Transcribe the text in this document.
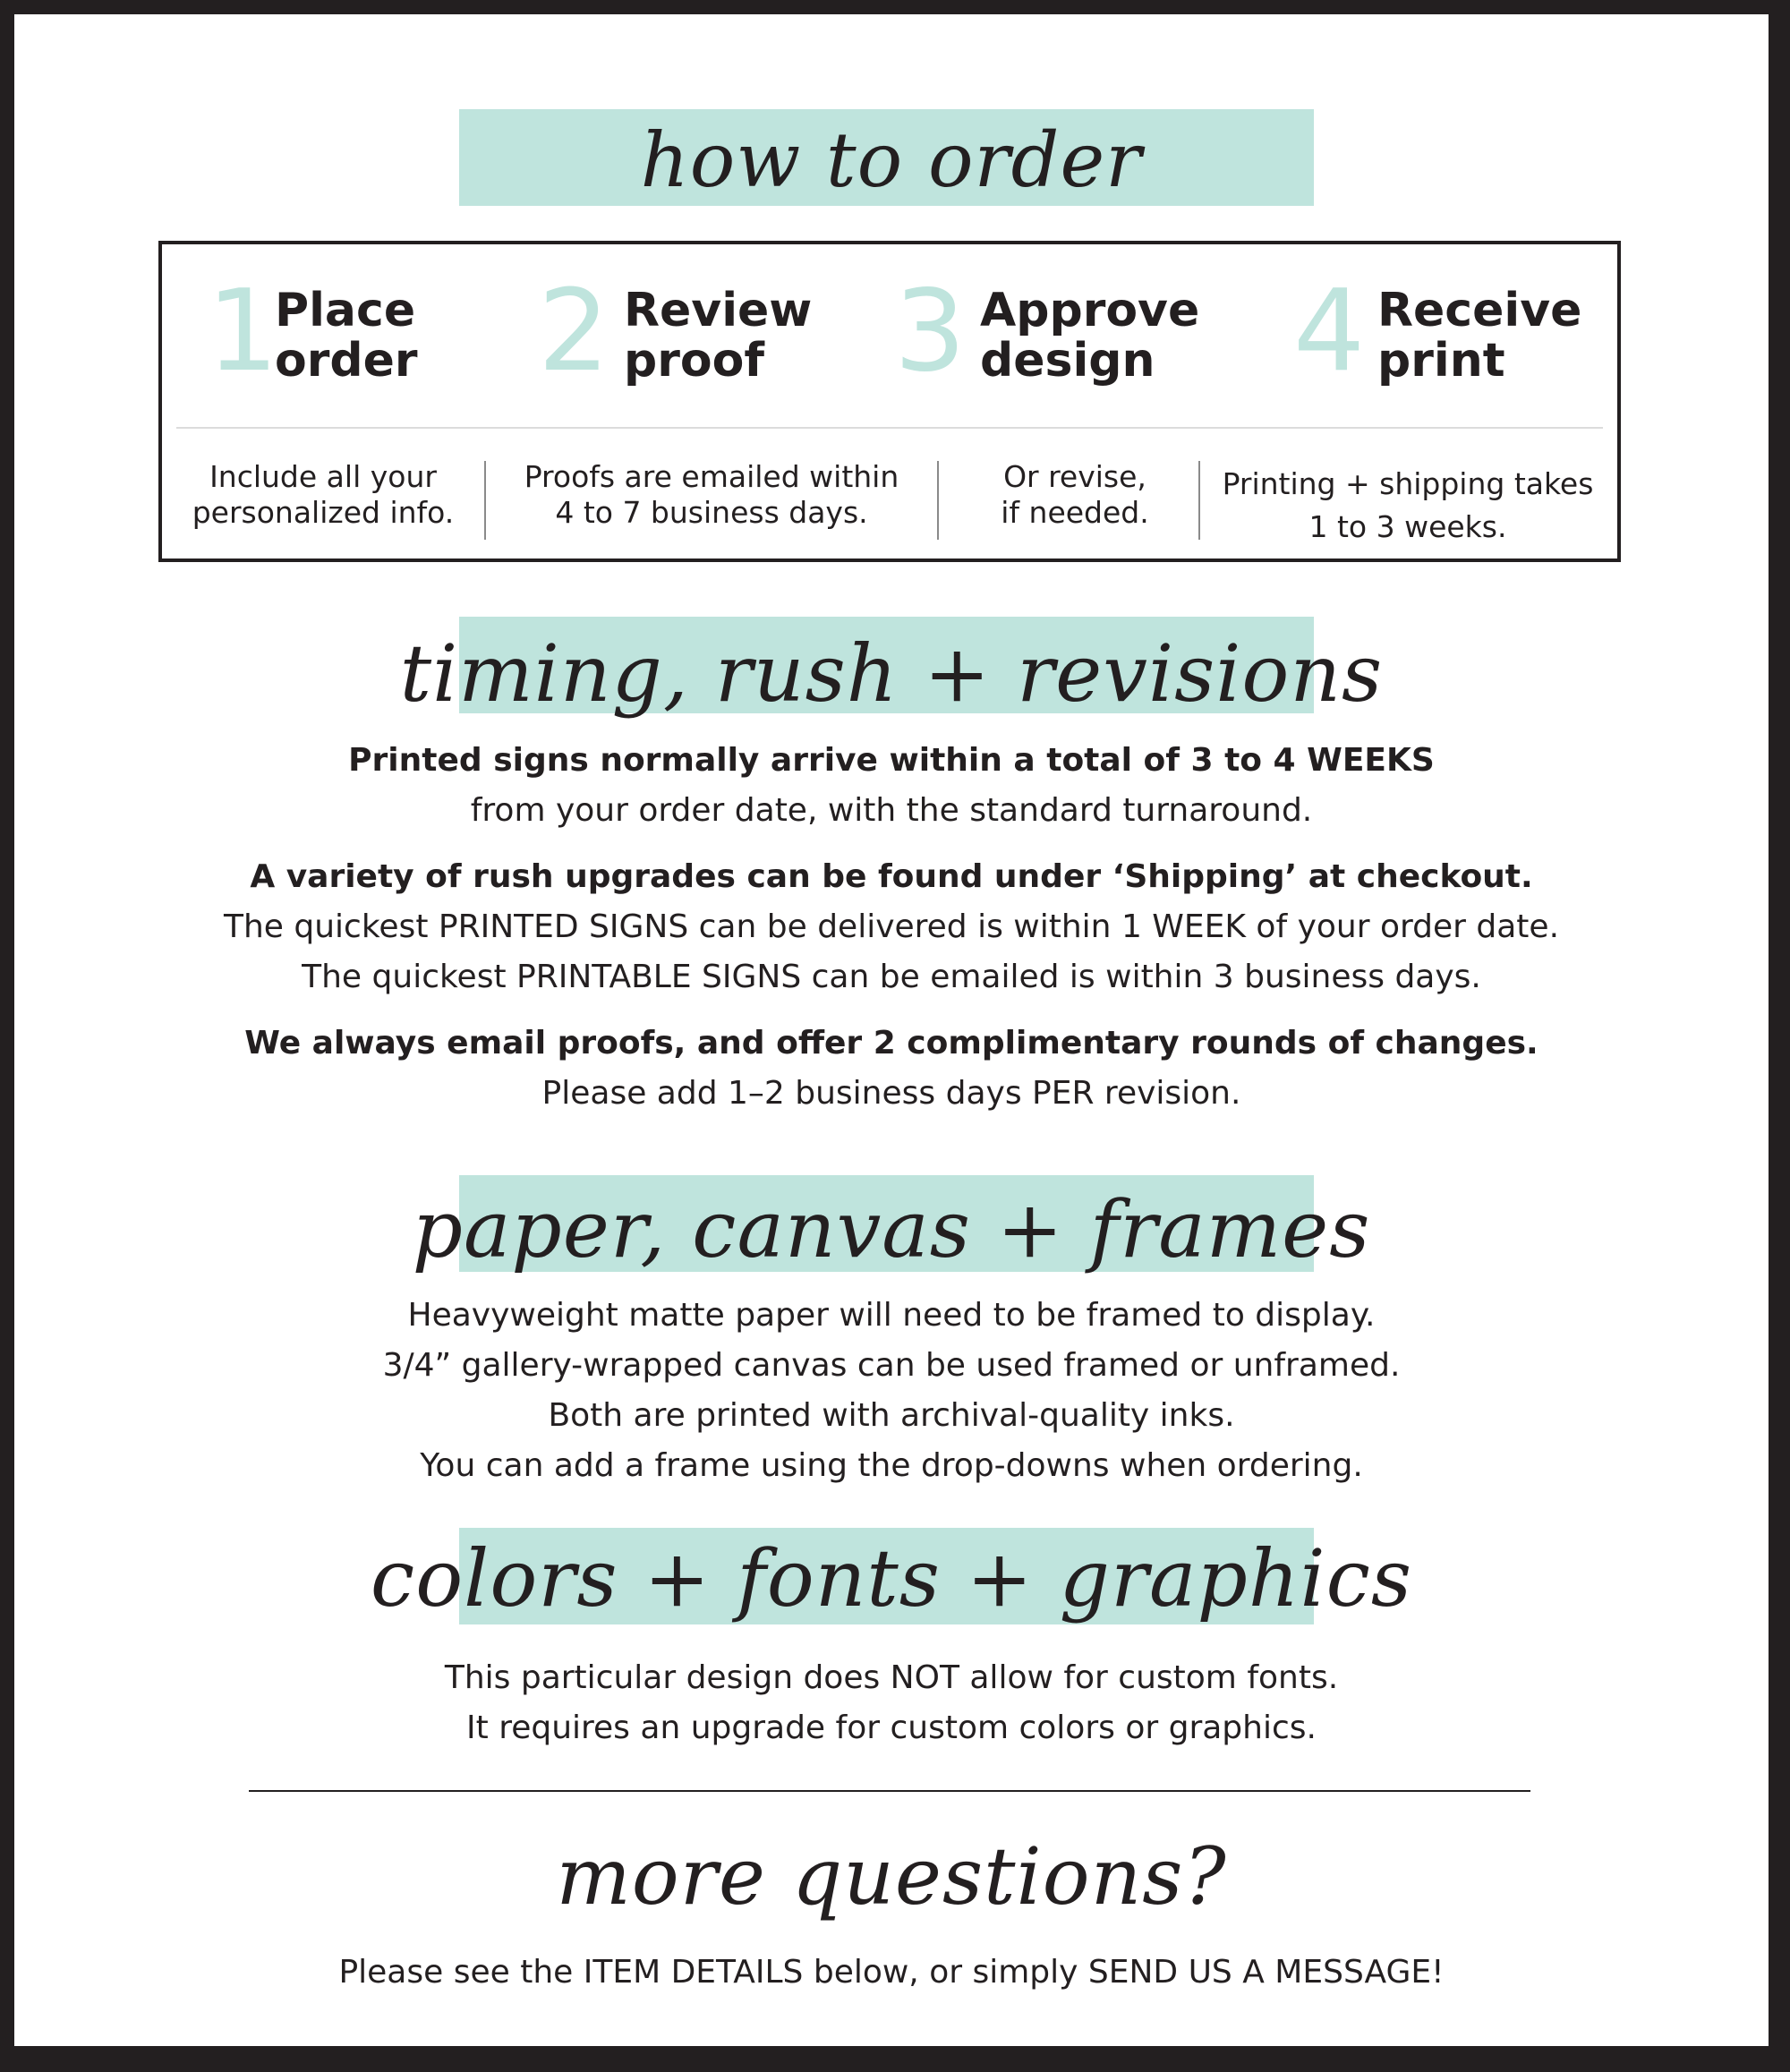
how to order
1
Place
order 2 Review
proof	3 Approve
design	4 Receive
print
Include all your
personalized info.
Proofs are emailed within
4 to 7 business days.
Or revise,
if needed.
Printing + shipping takes
1 to 3 weeks.
timing, rush + revisions
Printed signs normally arrive within a total of 3 to 4 WEEKS
from your order date, with the standard turnaround.
A variety of rush upgrades can be found under ‘Shipping’ at checkout.
The quickest PRINTED SIGNS can be delivered is within 1 WEEK of your order date.
The quickest PRINTABLE SIGNS can be emailed is within 3 business days.
We always email proofs, and offer 2 complimentary rounds of changes.
Please add 1–2 business days PER revision.
paper, canvas + frames
Heavyweight matte paper will need to be framed to display.
3/4” gallery-wrapped canvas can be used framed or unframed.
Both are printed with archival-quality inks.
You can add a frame using the drop-downs when ordering.
colors + fonts + graphics
This particular design does NOT allow for custom fonts.
It requires an upgrade for custom colors or graphics.
more questions?
Please see the ITEM DETAILS below, or simply SEND US A MESSAGE!
